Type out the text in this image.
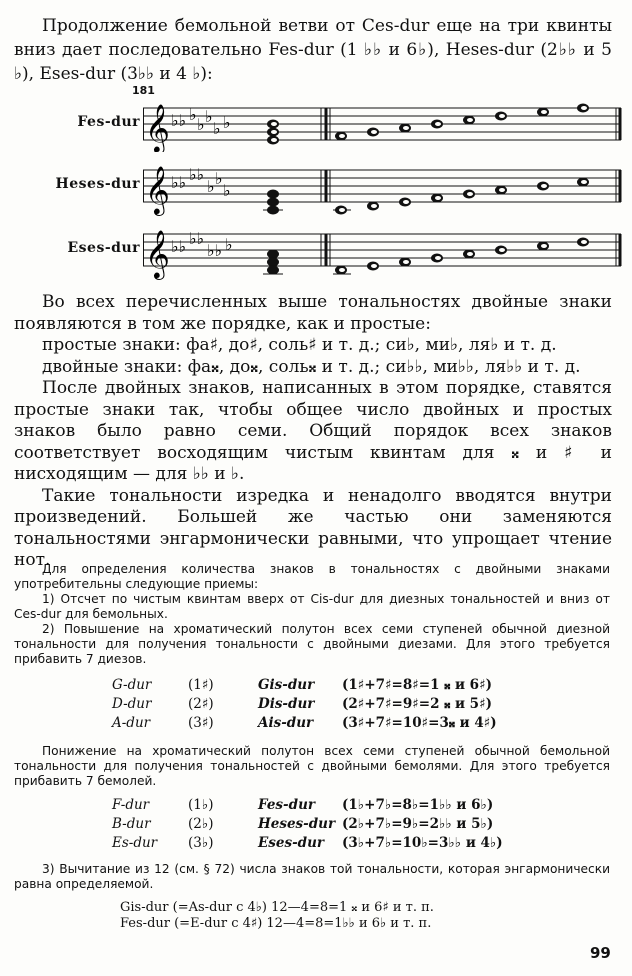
Продолжение бемольной ветви от Ces-dur еще на три квинты вниз дает последовательно Fes-dur (1 ♭♭ и 6♭), Heses-dur (2♭♭ и 5 ♭), Eses-dur (3♭♭ и 4 ♭):

181
Fes-dur 𝄞 ♭♭ ♭
♭ ♭
♭ ♭
Heses-dur 𝄞 ♭♭ ♭♭
♭ ♭
♭
Eses-dur 𝄞 ♭♭ ♭♭
♭♭ ♭

Во всех перечисленных выше тональностях двойные знаки появляются в том же порядке, как и простые:

простые знаки: фа♯, до♯, соль♯ и т. д.; си♭, ми♭, ля♭ и т. д.

двойные знаки: фа𝄪, до𝄪, соль𝄪 и т. д.; си♭♭, ми♭♭, ля♭♭ и т. д.

После двойных знаков, написанных в этом порядке, ставятся простые знаки так, чтобы общее число двойных и простых знаков было равно семи. Общий порядок всех знаков соответствует восходящим чистым квинтам для 𝄪 и ♯ и нисходящим — для ♭♭ и ♭.

Такие тональности изредка и ненадолго вводятся внутри произведений. Большей же частью они заменяются тональностями энгармонически равными, что упрощает чтение нот.

Для определения количества знаков в тональностях с двойными знаками употребительны следующие приемы:

1) Отсчет по чистым квинтам вверх от Cis-dur для диезных тональностей и вниз от Ces-dur для бемольных.

2) Повышение на хроматический полутон всех семи ступеней обычной диезной тональности для получения тональности с двойными диезами. Для этого требуется прибавить 7 диезов.

G-dur	(1♯)	Gis-dur	(1♯+7♯=8♯=1 𝄪 и 6♯)
D-dur	(2♯)	Dis-dur	(2♯+7♯=9♯=2 𝄪 и 5♯)
A-dur	(3♯)	Ais-dur	(3♯+7♯=10♯=3𝄪 и 4♯)

Понижение на хроматический полутон всех семи ступеней обычной бемольной тональности для получения тональностей с двойными бемолями. Для этого требуется прибавить 7 бемолей.

F-dur	(1♭)	Fes-dur	(1♭+7♭=8♭=1♭♭ и 6♭)
B-dur	(2♭)	Heses-dur	(2♭+7♭=9♭=2♭♭ и 5♭)
Es-dur	(3♭)	Eses-dur	(3♭+7♭=10♭=3♭♭ и 4♭)

3) Вычитание из 12 (см. § 72) числа знаков той тональности, которая энгармонически равна определяемой.

Gis-dur (=As-dur с 4♭) 12—4=8=1 𝄪 и 6♯ и т. п.
Fes-dur (=E-dur с 4♯) 12—4=8=1♭♭ и 6♭ и т. п.
99
